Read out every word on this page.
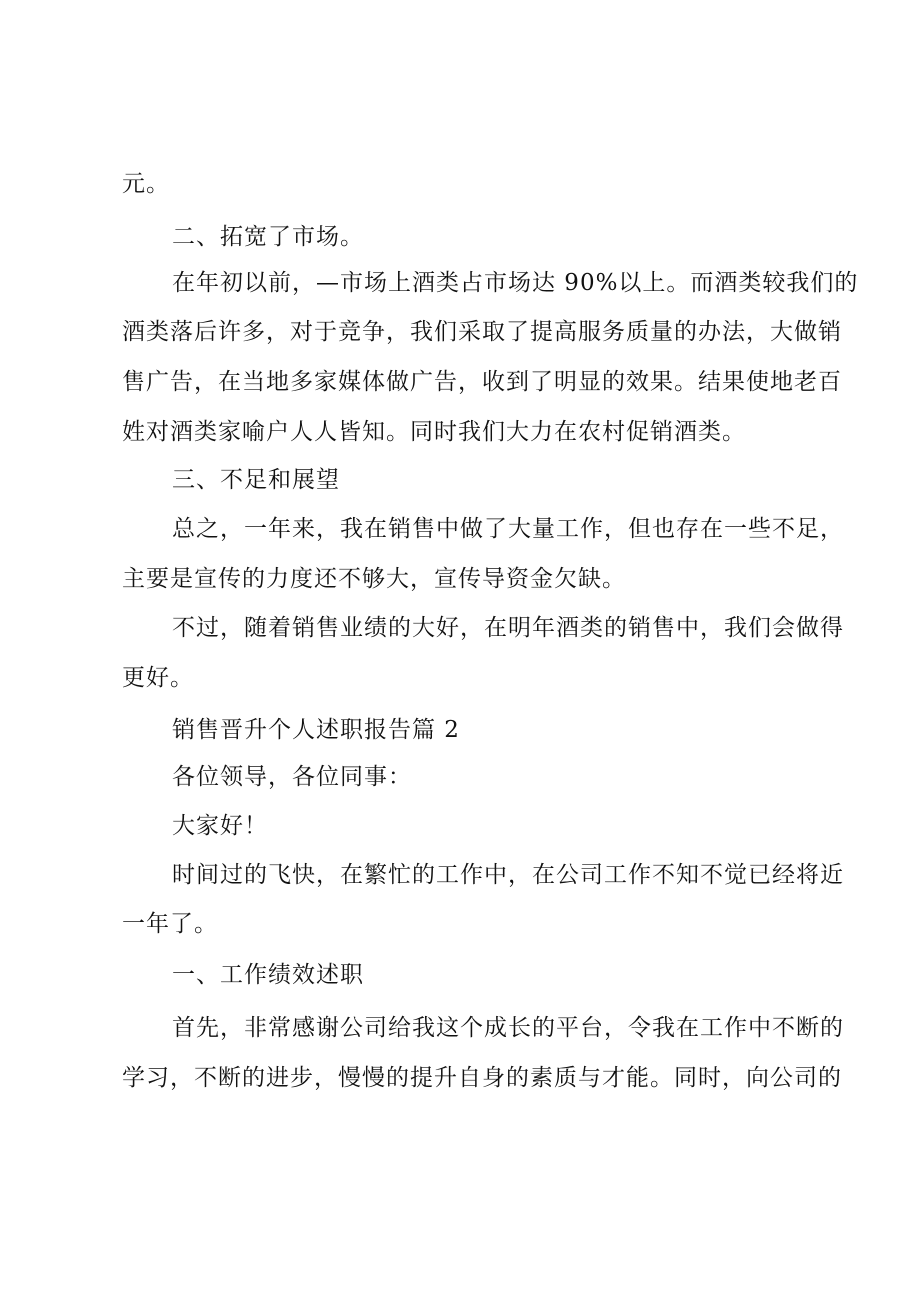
元。
二、拓宽了市场。
在年初以前，—市场上酒类占市场达 90%以上。而酒类较我们的
酒类落后许多，对于竞争，我们采取了提高服务质量的办法，大做销
售广告，在当地多家媒体做广告，收到了明显的效果。结果使地老百
姓对酒类家喻户人人皆知。同时我们大力在农村促销酒类。
三、不足和展望
总之，一年来，我在销售中做了大量工作，但也存在一些不足，
主要是宣传的力度还不够大，宣传导资金欠缺。
不过，随着销售业绩的大好，在明年酒类的销售中，我们会做得
更好。
销售晋升个人述职报告篇 2
各位领导，各位同事：
大家好！
时间过的飞快，在繁忙的工作中，在公司工作不知不觉已经将近
一年了。
一、工作绩效述职
首先，非常感谢公司给我这个成长的平台，令我在工作中不断的
学习，不断的进步，慢慢的提升自身的素质与才能。同时，向公司的
